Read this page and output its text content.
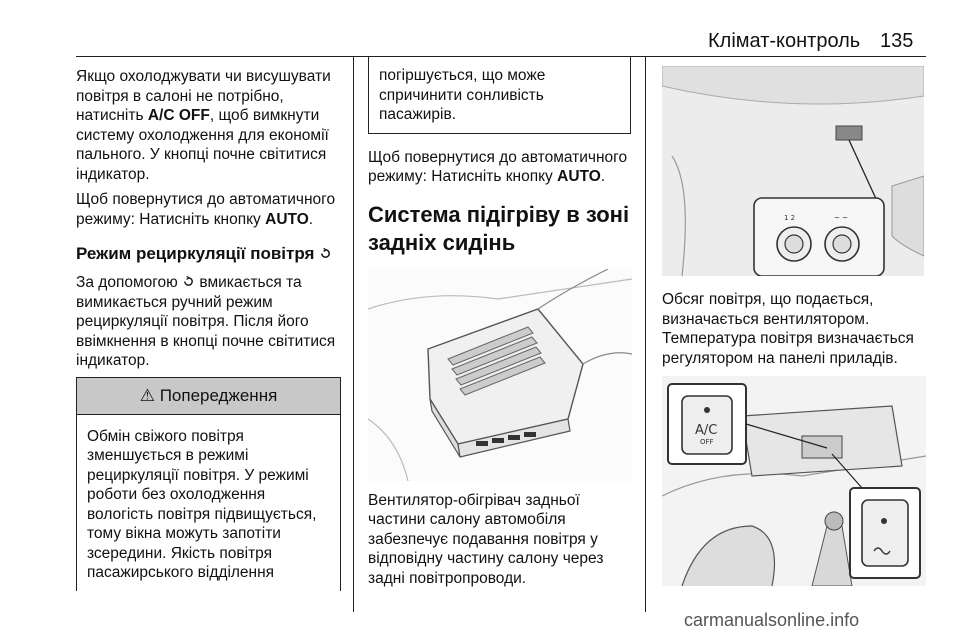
Клімат-контроль 135

Якщо охолоджувати чи висушувати повітря в салоні не потрібно, натисніть A/C OFF, щоб вимкнути систему охолодження для економії пального. У кнопці почне світитися індикатор.

Щоб повернутися до автоматичного режиму: Натисніть кнопку AUTO.

Режим рециркуляції повітря

За допомогою  вмикається та вимикається ручний режим рециркуляції повітря. Після його ввімкнення в кнопці почне світитися індикатор.

⚠ Попередження
Обмін свіжого повітря зменшується в режимі рециркуляції повітря. У режимі роботи без охолодження вологість повітря підвищується, тому вікна можуть запотіти зсередини. Якість повітря пасажирського відділення
погіршується, що може спричинити сонливість пасажирів.

Щоб повернутися до автоматичного режиму: Натисніть кнопку AUTO.

Система підігріву в зоні задніх сидінь

Вентилятор-обігрівач задньої частини салону автомобіля забезпечує подавання повітря у відповідну частину салону через задні повітропроводи.

1 2	~ ~

Обсяг повітря, що подається, визначається вентилятором. Температура повітря визначається регулятором на панелі приладів.

A/C
OFF
carmanualsonline.info
